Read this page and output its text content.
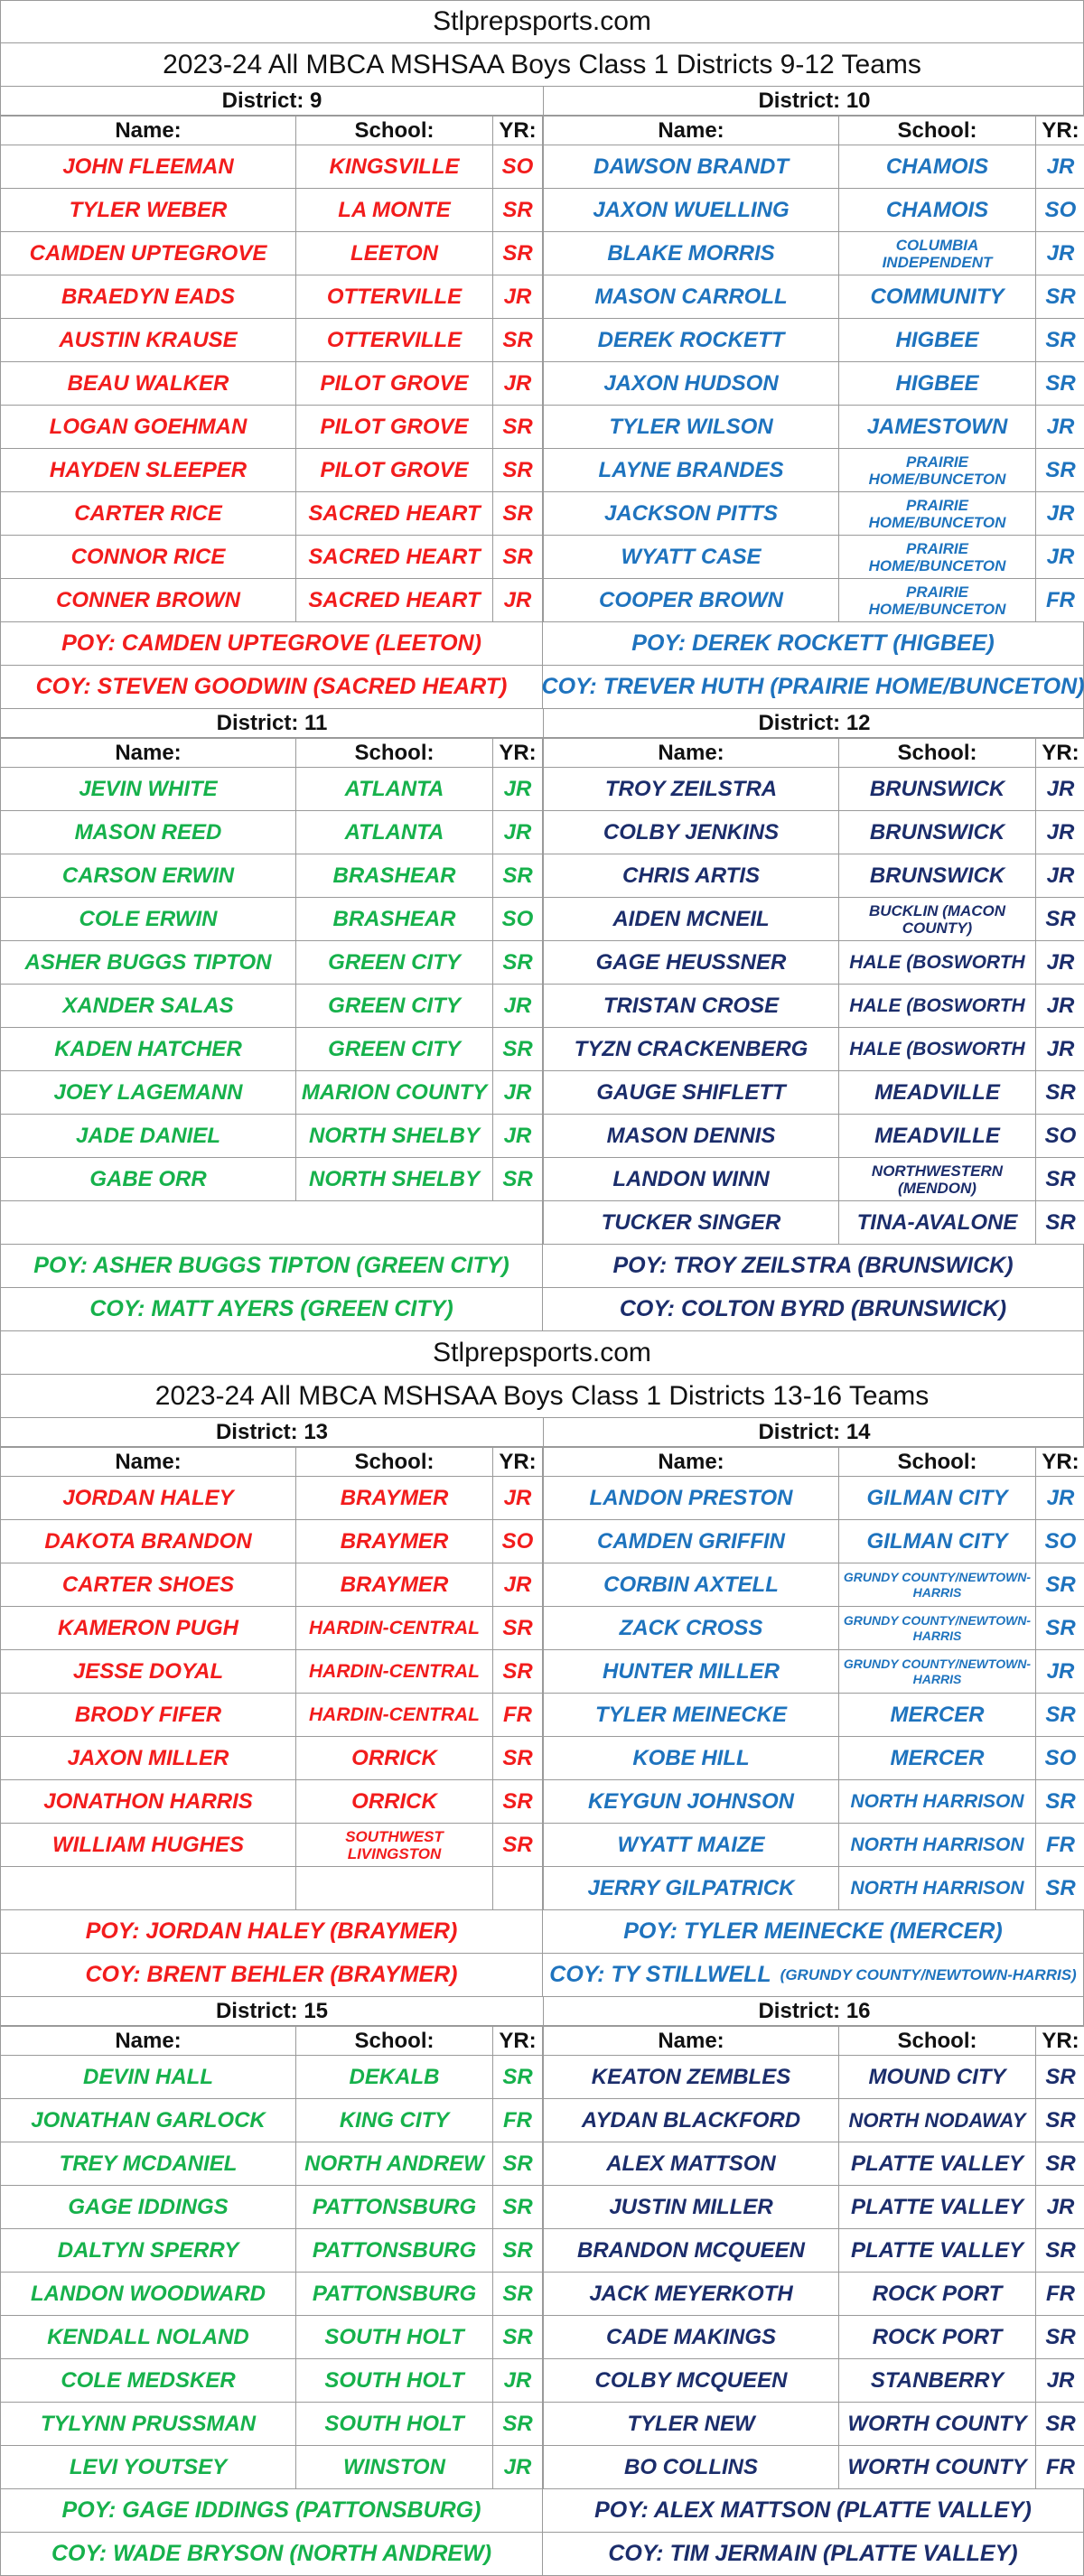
Stlprepsports.com
2023-24 All MBCA MSHSAA Boys Class 1 Districts 9-12 Teams
District: 9	District: 10
Name:	School:	YR:
JOHN FLEEMAN	KINGSVILLE	SO
TYLER WEBER	LA MONTE	SR
CAMDEN UPTEGROVE	LEETON	SR
BRAEDYN EADS	OTTERVILLE	JR
AUSTIN KRAUSE	OTTERVILLE	SR
BEAU WALKER	PILOT GROVE	JR
LOGAN GOEHMAN	PILOT GROVE	SR
HAYDEN SLEEPER	PILOT GROVE	SR
CARTER RICE	SACRED HEART	SR
CONNOR RICE	SACRED HEART	SR
CONNER BROWN	SACRED HEART	JR
POY: CAMDEN UPTEGROVE (LEETON)
COY: STEVEN GOODWIN (SACRED HEART)
Name:	School:	YR:
DAWSON BRANDT	CHAMOIS	JR
JAXON WUELLING	CHAMOIS	SO
BLAKE MORRIS	COLUMBIA INDEPENDENT	JR
MASON CARROLL	COMMUNITY	SR
DEREK ROCKETT	HIGBEE	SR
JAXON HUDSON	HIGBEE	SR
TYLER WILSON	JAMESTOWN	JR
LAYNE BRANDES	PRAIRIE HOME/BUNCETON	SR
JACKSON PITTS	PRAIRIE HOME/BUNCETON	JR
WYATT CASE	PRAIRIE HOME/BUNCETON	JR
COOPER BROWN	PRAIRIE HOME/BUNCETON	FR
POY: DEREK ROCKETT (HIGBEE)
COY: TREVER HUTH (PRAIRIE HOME/BUNCETON)
District: 11	District: 12
Name:	School:	YR:
JEVIN WHITE	ATLANTA	JR
MASON REED	ATLANTA	JR
CARSON ERWIN	BRASHEAR	SR
COLE ERWIN	BRASHEAR	SO
ASHER BUGGS TIPTON	GREEN CITY	SR
XANDER SALAS	GREEN CITY	JR
KADEN HATCHER	GREEN CITY	SR
JOEY LAGEMANN	MARION COUNTY	JR
JADE DANIEL	NORTH SHELBY	JR
GABE ORR	NORTH SHELBY	SR

POY: ASHER BUGGS TIPTON (GREEN CITY)
COY: MATT AYERS (GREEN CITY)
Name:	School:	YR:
TROY ZEILSTRA	BRUNSWICK	JR
COLBY JENKINS	BRUNSWICK	JR
CHRIS ARTIS	BRUNSWICK	JR
AIDEN MCNEIL	BUCKLIN (MACON COUNTY)	SR
GAGE HEUSSNER	HALE (BOSWORTH	JR
TRISTAN CROSE	HALE (BOSWORTH	JR
TYZN CRACKENBERG	HALE (BOSWORTH	JR
GAUGE SHIFLETT	MEADVILLE	SR
MASON DENNIS	MEADVILLE	SO
LANDON WINN	NORTHWESTERN (MENDON)	SR
TUCKER SINGER	TINA-AVALONE	SR
POY: TROY ZEILSTRA (BRUNSWICK)
COY: COLTON BYRD (BRUNSWICK)
Stlprepsports.com
2023-24 All MBCA MSHSAA Boys Class 1 Districts 13-16 Teams
District: 13	District: 14
Name:	School:	YR:
JORDAN HALEY	BRAYMER	JR
DAKOTA BRANDON	BRAYMER	SO
CARTER SHOES	BRAYMER	JR
KAMERON PUGH	HARDIN-CENTRAL	SR
JESSE DOYAL	HARDIN-CENTRAL	SR
BRODY FIFER	HARDIN-CENTRAL	FR
JAXON MILLER	ORRICK	SR
JONATHON HARRIS	ORRICK	SR
WILLIAM HUGHES	SOUTHWEST LIVINGSTON	SR

POY: JORDAN HALEY (BRAYMER)
COY: BRENT BEHLER (BRAYMER)
Name:	School:	YR:
LANDON PRESTON	GILMAN CITY	JR
CAMDEN GRIFFIN	GILMAN CITY	SO
CORBIN AXTELL	GRUNDY COUNTY/NEWTOWN-HARRIS	SR
ZACK CROSS	GRUNDY COUNTY/NEWTOWN-HARRIS	SR
HUNTER MILLER	GRUNDY COUNTY/NEWTOWN-HARRIS	JR
TYLER MEINECKE	MERCER	SR
KOBE HILL	MERCER	SO
KEYGUN JOHNSON	NORTH HARRISON	SR
WYATT MAIZE	NORTH HARRISON	FR
JERRY GILPATRICK	NORTH HARRISON	SR
POY: TYLER MEINECKE (MERCER)
COY: TY STILLWELL (GRUNDY COUNTY/NEWTOWN-HARRIS)
District: 15	District: 16
Name:	School:	YR:
DEVIN HALL	DEKALB	SR
JONATHAN GARLOCK	KING CITY	FR
TREY MCDANIEL	NORTH ANDREW	SR
GAGE IDDINGS	PATTONSBURG	SR
DALTYN SPERRY	PATTONSBURG	SR
LANDON WOODWARD	PATTONSBURG	SR
KENDALL NOLAND	SOUTH HOLT	SR
COLE MEDSKER	SOUTH HOLT	JR
TYLYNN PRUSSMAN	SOUTH HOLT	SR
LEVI YOUTSEY	WINSTON	JR
POY: GAGE IDDINGS (PATTONSBURG)
COY: WADE BRYSON (NORTH ANDREW)
Name:	School:	YR:
KEATON ZEMBLES	MOUND CITY	SR
AYDAN BLACKFORD	NORTH NODAWAY	SR
ALEX MATTSON	PLATTE VALLEY	SR
JUSTIN MILLER	PLATTE VALLEY	JR
BRANDON MCQUEEN	PLATTE VALLEY	SR
JACK MEYERKOTH	ROCK PORT	FR
CADE MAKINGS	ROCK PORT	SR
COLBY MCQUEEN	STANBERRY	JR
TYLER NEW	WORTH COUNTY	SR
BO COLLINS	WORTH COUNTY	FR
POY: ALEX MATTSON (PLATTE VALLEY)
COY: TIM JERMAIN (PLATTE VALLEY)
